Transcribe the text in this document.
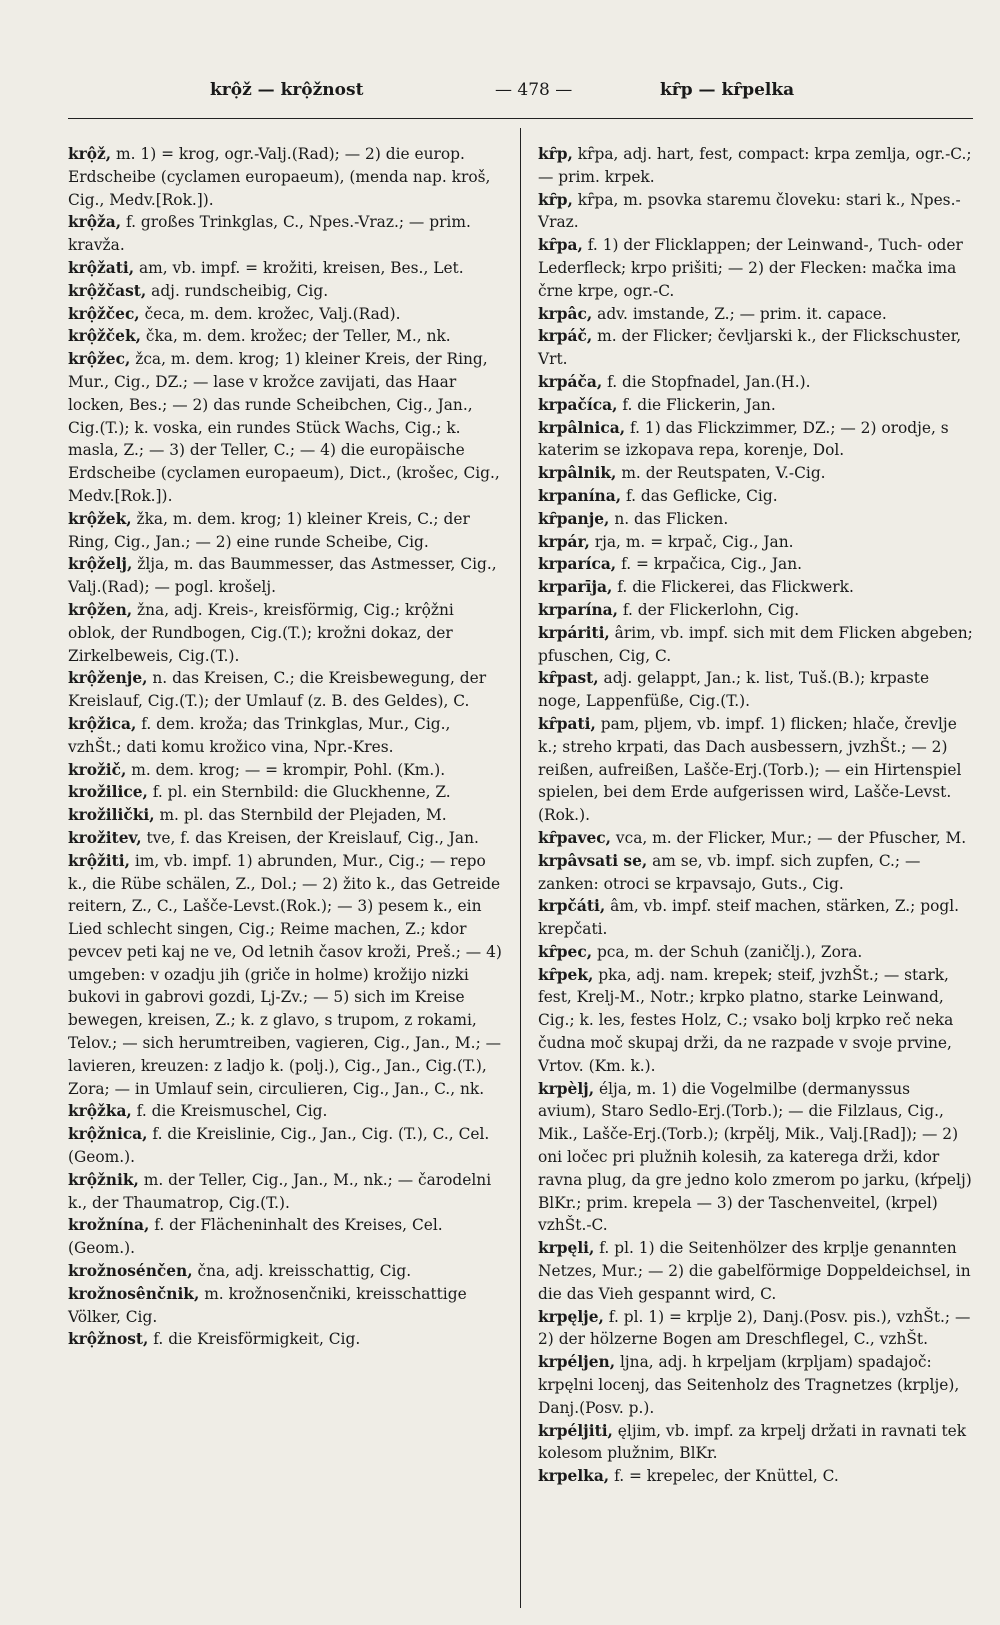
krộž — krộžnost	— 478 —	kȓp — kȓpelka

krộž, m. 1) = krog, ogr.-Valj.(Rad); — 2) die europ. Erdscheibe (cyclamen europaeum), (menda nap. kroš, Cig., Medv.[Rok.]).

krộža, f. großes Trinkglas, C., Npes.-Vraz.; — prim. kravža.

krộžati, am, vb. impf. = krožiti, kreisen, Bes., Let.

krộžčast, adj. rundscheibig, Cig.

krộžčec, čeca, m. dem. krožec, Valj.(Rad).

krộžček, čka, m. dem. krožec; der Teller, M., nk.

krộžec, žca, m. dem. krog; 1) kleiner Kreis, der Ring, Mur., Cig., DZ.; — lase v krožce zavijati, das Haar locken, Bes.; — 2) das runde Scheibchen, Cig., Jan., Cig.(T.); k. voska, ein rundes Stück Wachs, Cig.; k. masla, Z.; — 3) der Teller, C.; — 4) die europäische Erdscheibe (cyclamen europaeum), Dict., (krošec, Cig., Medv.[Rok.]).

krộžek, žka, m. dem. krog; 1) kleiner Kreis, C.; der Ring, Cig., Jan.; — 2) eine runde Scheibe, Cig.

krộželj, žlja, m. das Baummesser, das Astmesser, Cig., Valj.(Rad); — pogl. krošelj.

krộžen, žna, adj. Kreis-, kreisförmig, Cig.; krộžni oblok, der Rundbogen, Cig.(T.); krožni dokaz, der Zirkelbeweis, Cig.(T.).

krộženje, n. das Kreisen, C.; die Kreisbewegung, der Kreislauf, Cig.(T.); der Umlauf (z. B. des Geldes), C.

krộžica, f. dem. kroža; das Trinkglas, Mur., Cig., vzhŠt.; dati komu krožico vina, Npr.-Kres.

krožič, m. dem. krog; — = krompir, Pohl. (Km.).

krožilice, f. pl. ein Sternbild: die Gluckhenne, Z.

krožilički, m. pl. das Sternbild der Plejaden, M.

krožitev, tve, f. das Kreisen, der Kreislauf, Cig., Jan.

krộžiti, im, vb. impf. 1) abrunden, Mur., Cig.; — repo k., die Rübe schälen, Z., Dol.; — 2) žito k., das Getreide reitern, Z., C., Lašče-Levst.(Rok.); — 3) pesem k., ein Lied schlecht singen, Cig.; Reime machen, Z.; kdor pevcev peti kaj ne ve, Od letnih časov kroži, Preš.; — 4) umgeben: v ozadju jih (griče in holme) krožijo nizki bukovi in gabrovi gozdi, Lj-Zv.; — 5) sich im Kreise bewegen, kreisen, Z.; k. z glavo, s trupom, z rokami, Telov.; — sich herumtreiben, vagieren, Cig., Jan., M.; — lavieren, kreuzen: z ladjo k. (polj.), Cig., Jan., Cig.(T.), Zora; — in Umlauf sein, circulieren, Cig., Jan., C., nk.

krộžka, f. die Kreismuschel, Cig.

krộžnica, f. die Kreislinie, Cig., Jan., Cig. (T.), C., Cel.(Geom.).

krộžnik, m. der Teller, Cig., Jan., M., nk.; — čarodelni k., der Thaumatrop, Cig.(T.).

krožnína, f. der Flächeninhalt des Kreises, Cel.(Geom.).

krožnosénčen, čna, adj. kreisschattig, Cig.

krožnosênčnik, m. krožnosenčniki, kreisschattige Völker, Cig.

krộžnost, f. die Kreisförmigkeit, Cig.

kȓp, kȓpa, adj. hart, fest, compact: krpa zemlja, ogr.-C.; — prim. krpek.

kȓp, kȓpa, m. psovka staremu človeku: stari k., Npes.-Vraz.

kȓpa, f. 1) der Flicklappen; der Leinwand-, Tuch- oder Lederfleck; krpo prišiti; — 2) der Flecken: mačka ima črne krpe, ogr.-C.

krpâc, adv. imstande, Z.; — prim. it. capace.

krpáč, m. der Flicker; čevljarski k., der Flickschuster, Vrt.

krpáča, f. die Stopfnadel, Jan.(H.).

krpačíca, f. die Flickerin, Jan.

krpâlnica, f. 1) das Flickzimmer, DZ.; — 2) orodje, s katerim se izkopava repa, korenje, Dol.

krpâlnik, m. der Reutspaten, V.-Cig.

krpanína, f. das Geflicke, Cig.

kȓpanje, n. das Flicken.

krpár, rja, m. = krpač, Cig., Jan.

krparíca, f. = krpačica, Cig., Jan.

krparīja, f. die Flickerei, das Flickwerk.

krparína, f. der Flickerlohn, Cig.

krpáriti, ârim, vb. impf. sich mit dem Flicken abgeben; pfuschen, Cig, C.

kȓpast, adj. gelappt, Jan.; k. list, Tuš.(B.); krpaste noge, Lappenfüße, Cig.(T.).

kȓpati, pam, pljem, vb. impf. 1) flicken; hlače, črevlje k.; streho krpati, das Dach ausbessern, jvzhŠt.; — 2) reißen, aufreißen, Lašče-Erj.(Torb.); — ein Hirtenspiel spielen, bei dem Erde aufgerissen wird, Lašče-Levst.(Rok.).

kȓpavec, vca, m. der Flicker, Mur.; — der Pfuscher, M.

krpâvsati se, am se, vb. impf. sich zupfen, C.; — zanken: otroci se krpavsajo, Guts., Cig.

krpčáti, âm, vb. impf. steif machen, stärken, Z.; pogl. krepčati.

kȓpec, pca, m. der Schuh (zaničlj.), Zora.

kȓpek, pka, adj. nam. krepek; steif, jvzhŠt.; — stark, fest, Krelj-M., Notr.; krpko platno, starke Leinwand, Cig.; k. les, festes Holz, C.; vsako bolj krpko reč neka čudna moč skupaj drži, da ne razpade v svoje prvine, Vrtov. (Km. k.).

krpèlj, élja, m. 1) die Vogelmilbe (dermanyssus avium), Staro Sedlo-Erj.(Torb.); — die Filzlaus, Cig., Mik., Lašče-Erj.(Torb.); (krpělj, Mik., Valj.[Rad]); — 2) oni ločec pri plužnih kolesih, za katerega drži, kdor ravna plug, da gre jedno kolo zmerom po jarku, (kŕpelj) BlKr.; prim. krepela — 3) der Taschenveitel, (krpel) vzhŠt.-C.

krpęli, f. pl. 1) die Seitenhölzer des krplje genannten Netzes, Mur.; — 2) die gabelförmige Doppeldeichsel, in die das Vieh gespannt wird, C.

krpęlje, f. pl. 1) = krplje 2), Danj.(Posv. pis.), vzhŠt.; — 2) der hölzerne Bogen am Dreschflegel, C., vzhŠt.

krpéljen, ljna, adj. h krpeljam (krpljam) spadajoč: krpęlni locenj, das Seitenholz des Tragnetzes (krplje), Danj.(Posv. p.).

krpéljiti, ęljim, vb. impf. za krpelj držati in ravnati tek kolesom plužnim, BlKr.

krpelka, f. = krepelec, der Knüttel, C.
